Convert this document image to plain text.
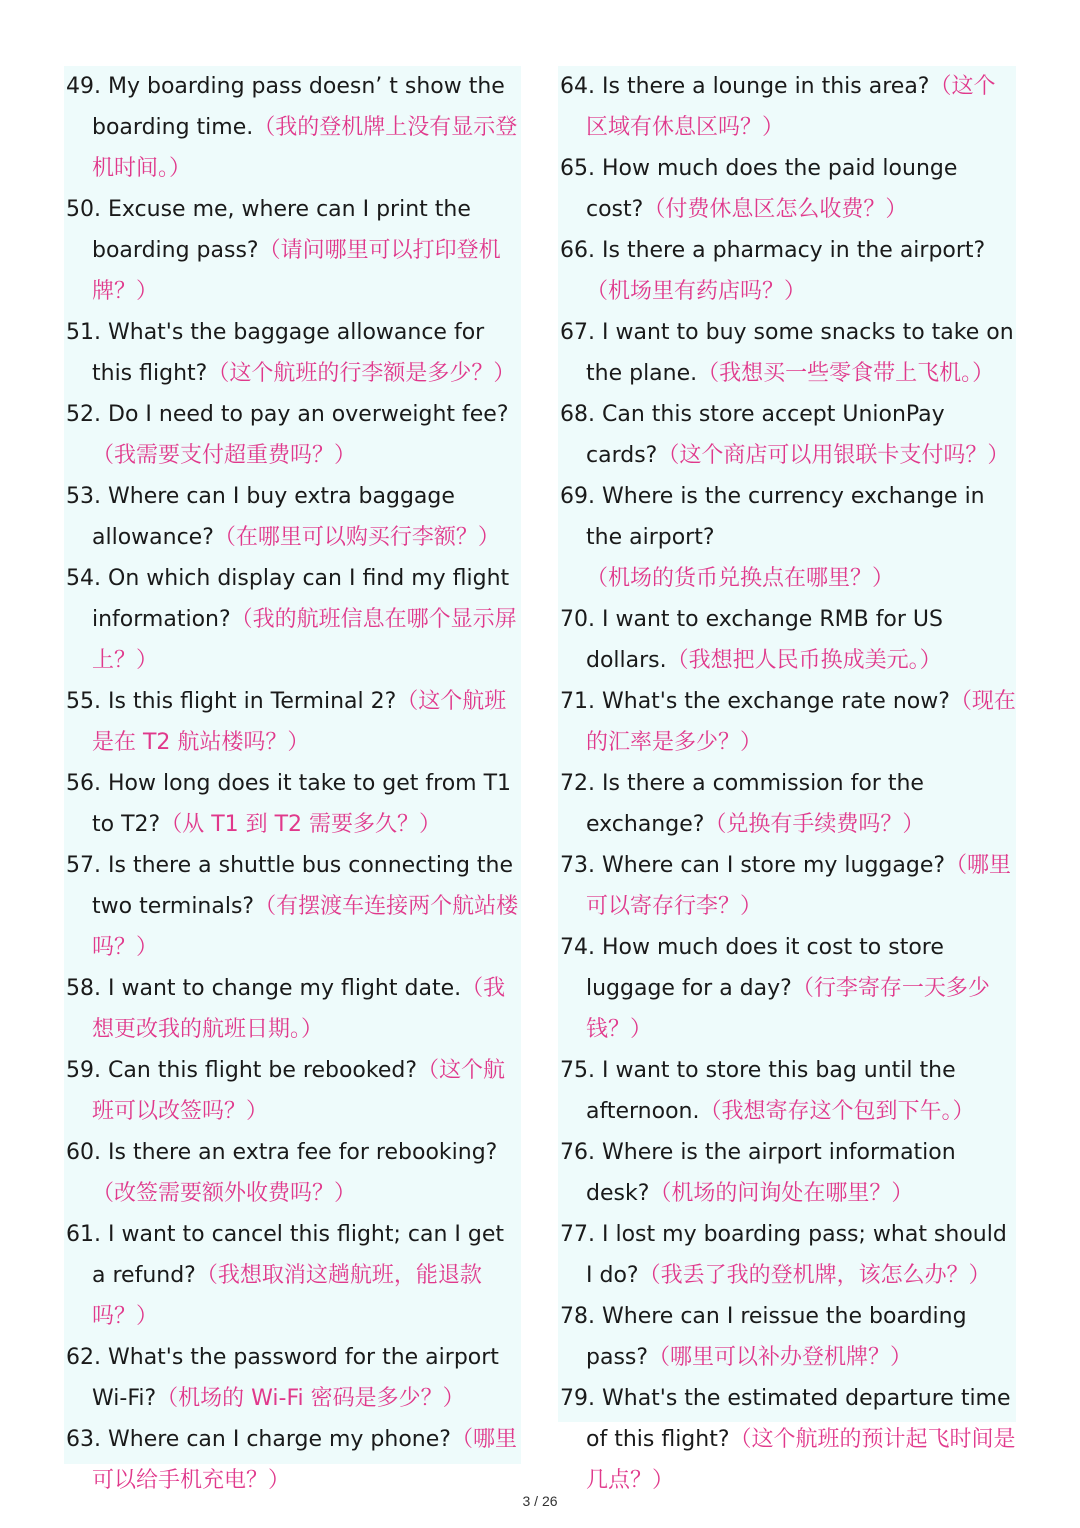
49. My boarding pass doesn’ t show the boarding time.（我的登机牌上没有显示登机时间。）

50. Excuse me, where can I print the boarding pass?（请问哪里可以打印登机牌？）

51. What's the baggage allowance for this flight?（这个航班的行李额是多少？）

52. Do I need to pay an overweight fee?（我需要支付超重费吗？）

53. Where can I buy extra baggage allowance?（在哪里可以购买行李额？）

54. On which display can I find my flight information?（我的航班信息在哪个显示屏上？）

55. Is this flight in Terminal 2?（这个航班是在 T2 航站楼吗？）

56. How long does it take to get from T1 to T2?（从 T1 到 T2 需要多久？）

57. Is there a shuttle bus connecting the two terminals?（有摆渡车连接两个航站楼吗？）

58. I want to change my flight date.（我想更改我的航班日期。）

59. Can this flight be rebooked?（这个航班可以改签吗？）

60. Is there an extra fee for rebooking?（改签需要额外收费吗？）

61. I want to cancel this flight; can I get a refund?（我想取消这趟航班，能退款吗？）

62. What's the password for the airport Wi-Fi?（机场的 Wi-Fi 密码是多少？）

63. Where can I charge my phone?（哪里可以给手机充电？）

64. Is there a lounge in this area?（这个区域有休息区吗？）

65. How much does the paid lounge cost?（付费休息区怎么收费？）

66. Is there a pharmacy in the airport?（机场里有药店吗？）

67. I want to buy some snacks to take on the plane.（我想买一些零食带上飞机。）

68. Can this store accept UnionPay cards?（这个商店可以用银联卡支付吗？）

69. Where is the currency exchange in the airport?（机场的货币兑换点在哪里？）

70. I want to exchange RMB for US dollars.（我想把人民币换成美元。）

71. What's the exchange rate now?（现在的汇率是多少？）

72. Is there a commission for the exchange?（兑换有手续费吗？）

73. Where can I store my luggage?（哪里可以寄存行李？）

74. How much does it cost to store luggage for a day?（行李寄存一天多少钱？）

75. I want to store this bag until the afternoon.（我想寄存这个包到下午。）

76. Where is the airport information desk?（机场的问询处在哪里？）

77. I lost my boarding pass; what should I do?（我丢了我的登机牌，该怎么办？）

78. Where can I reissue the boarding pass?（哪里可以补办登机牌？）

79. What's the estimated departure time of this flight?（这个航班的预计起飞时间是几点？）

3 / 26
